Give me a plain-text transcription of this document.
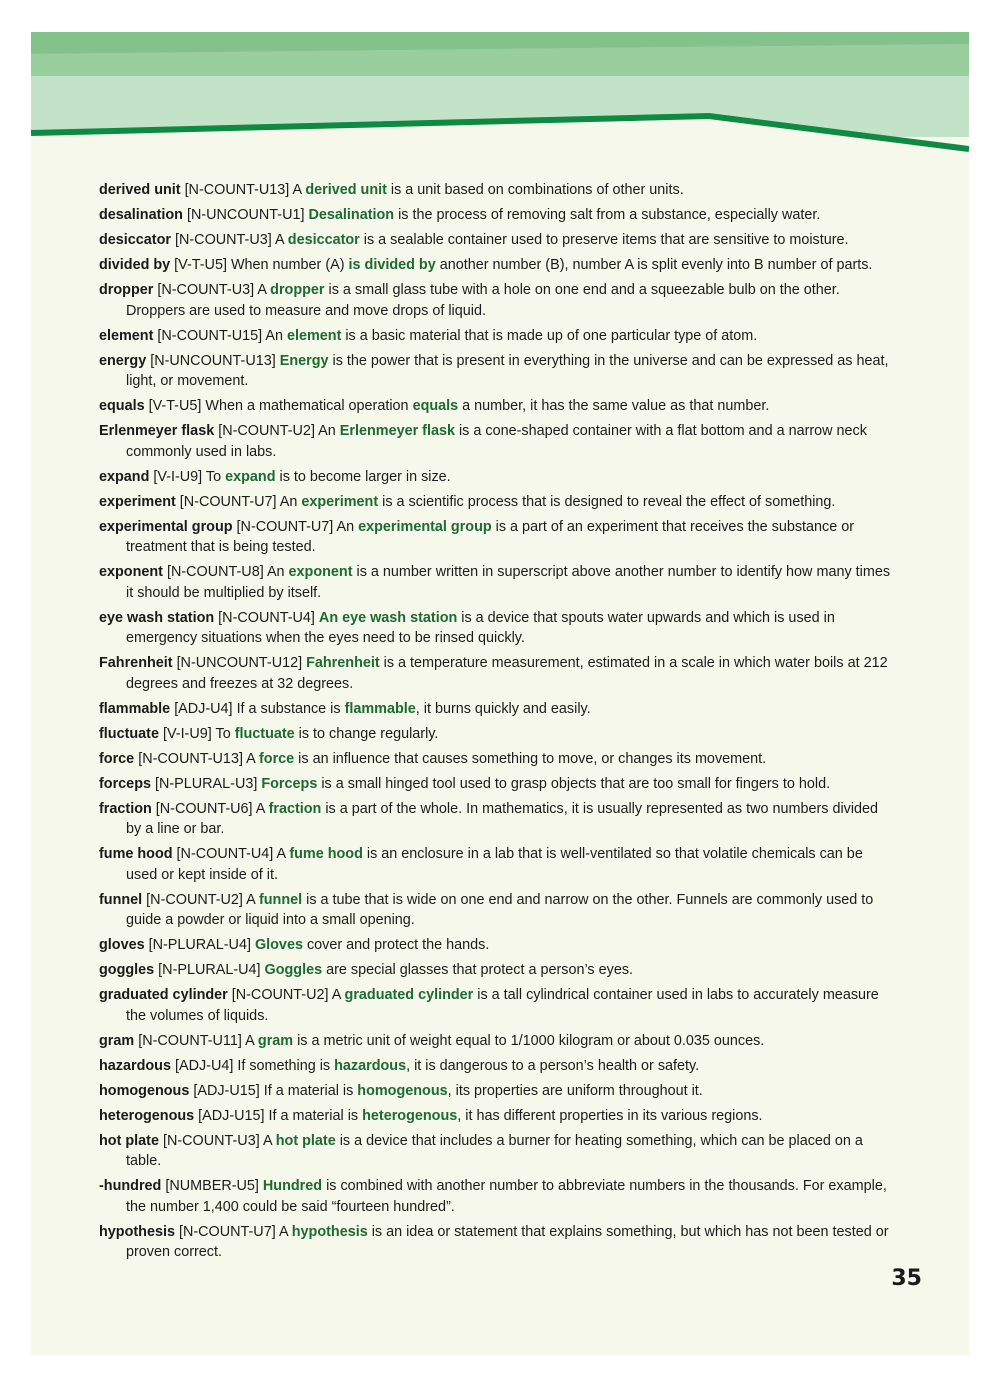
derived unit [N-COUNT-U13] A derived unit is a unit based on combinations of other units.

desalination [N-UNCOUNT-U1] Desalination is the process of removing salt from a substance, especially water.

desiccator [N-COUNT-U3] A desiccator is a sealable container used to preserve items that are sensitive to moisture.

divided by [V-T-U5] When number (A) is divided by another number (B), number A is split evenly into B number of parts.

dropper [N-COUNT-U3] A dropper is a small glass tube with a hole on one end and a squeezable bulb on the other. Droppers are used to measure and move drops of liquid.

element [N-COUNT-U15] An element is a basic material that is made up of one particular type of atom.

energy [N-UNCOUNT-U13] Energy is the power that is present in everything in the universe and can be expressed as heat, light, or movement.

equals [V-T-U5] When a mathematical operation equals a number, it has the same value as that number.

Erlenmeyer flask [N-COUNT-U2] An Erlenmeyer flask is a cone-shaped container with a flat bottom and a narrow neck commonly used in labs.

expand [V-I-U9] To expand is to become larger in size.

experiment [N-COUNT-U7] An experiment is a scientific process that is designed to reveal the effect of something.

experimental group [N-COUNT-U7] An experimental group is a part of an experiment that receives the substance or treatment that is being tested.

exponent [N-COUNT-U8] An exponent is a number written in superscript above another number to identify how many times it should be multiplied by itself.

eye wash station [N-COUNT-U4] An eye wash station is a device that spouts water upwards and which is used in emergency situations when the eyes need to be rinsed quickly.

Fahrenheit [N-UNCOUNT-U12] Fahrenheit is a temperature measurement, estimated in a scale in which water boils at 212 degrees and freezes at 32 degrees.

flammable [ADJ-U4] If a substance is flammable, it burns quickly and easily.

fluctuate [V-I-U9] To fluctuate is to change regularly.

force [N-COUNT-U13] A force is an influence that causes something to move, or changes its movement.

forceps [N-PLURAL-U3] Forceps is a small hinged tool used to grasp objects that are too small for fingers to hold.

fraction [N-COUNT-U6] A fraction is a part of the whole. In mathematics, it is usually represented as two numbers divided by a line or bar.

fume hood [N-COUNT-U4] A fume hood is an enclosure in a lab that is well-ventilated so that volatile chemicals can be used or kept inside of it.

funnel [N-COUNT-U2] A funnel is a tube that is wide on one end and narrow on the other. Funnels are commonly used to guide a powder or liquid into a small opening.

gloves [N-PLURAL-U4] Gloves cover and protect the hands.

goggles [N-PLURAL-U4] Goggles are special glasses that protect a person’s eyes.

graduated cylinder [N-COUNT-U2] A graduated cylinder is a tall cylindrical container used in labs to accurately measure the volumes of liquids.

gram [N-COUNT-U11] A gram is a metric unit of weight equal to 1/1000 kilogram or about 0.035 ounces.

hazardous [ADJ-U4] If something is hazardous, it is dangerous to a person’s health or safety.

homogenous [ADJ-U15] If a material is homogenous, its properties are uniform throughout it.

heterogenous [ADJ-U15] If a material is heterogenous, it has different properties in its various regions.

hot plate [N-COUNT-U3] A hot plate is a device that includes a burner for heating something, which can be placed on a table.

-hundred [NUMBER-U5] Hundred is combined with another number to abbreviate numbers in the thousands. For example, the number 1,400 could be said “fourteen hundred”.

hypothesis [N-COUNT-U7] A hypothesis is an idea or statement that explains something, but which has not been tested or proven correct.

35
